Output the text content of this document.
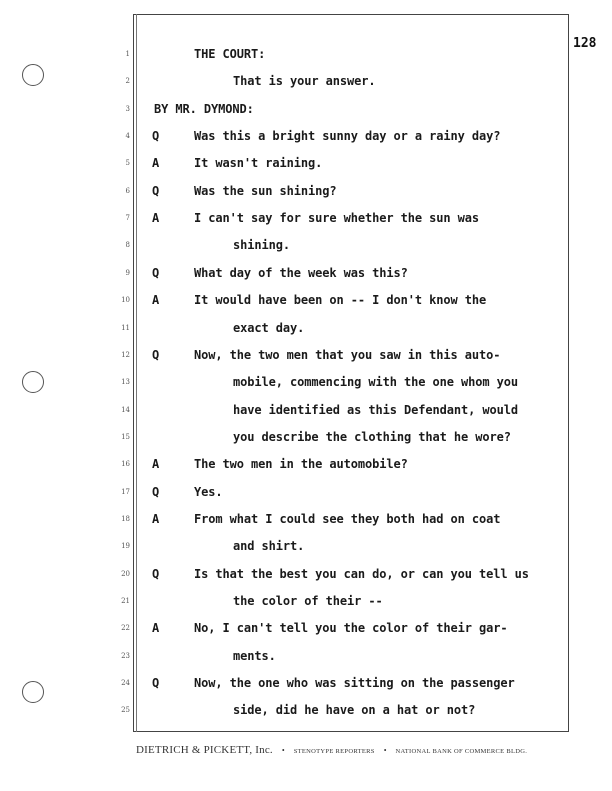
128
1	THE COURT:
2	That is your answer.
3 BY MR. DYMOND:
4 Q	Was this a bright sunny day or a rainy day?
5 A	It wasn't raining.
6 Q	Was the sun shining?
7 A	I can't say for sure whether the sun was
8	shining.
9 Q	What day of the week was this?
10 A	It would have been on -- I don't know the
11	exact day.
12 Q	Now, the two men that you saw in this auto-
13	mobile, commencing with the one whom you
14	have identified as this Defendant, would
15	you describe the clothing that he wore?
16 A	The two men in the automobile?
17 Q	Yes.
18 A	From what I could see they both had on coat
19	and shirt.
20 Q	Is that the best you can do, or can you tell us
21	the color of their --
22 A	No, I can't tell you the color of their gar-
23	ments.
24 Q	Now, the one who was sitting on the passenger
25	side, did he have on a hat or not?
DIETRICH & PICKETT, Inc. • STENOTYPE REPORTERS • NATIONAL BANK OF COMMERCE BLDG.
